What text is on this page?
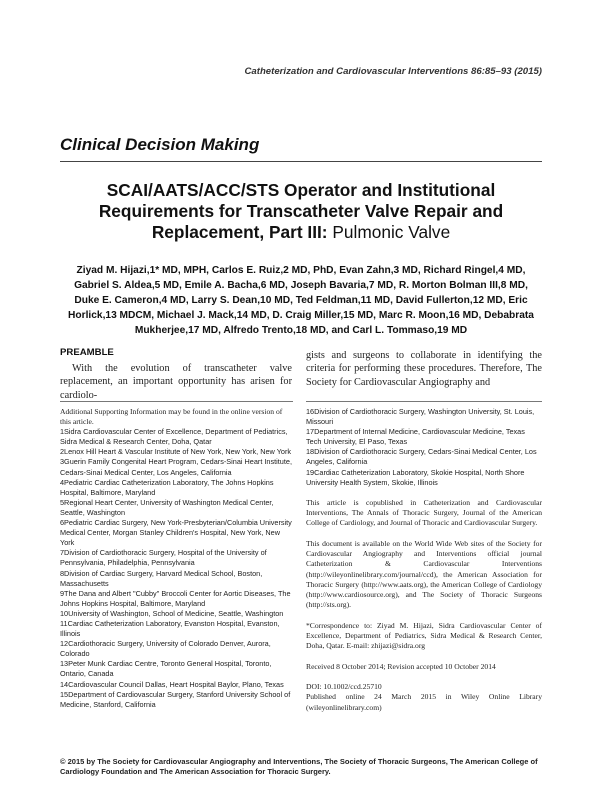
Catheterization and Cardiovascular Interventions 86:85–93 (2015)
Clinical Decision Making
SCAI/AATS/ACC/STS Operator and Institutional Requirements for Transcatheter Valve Repair and Replacement, Part III: Pulmonic Valve
Ziyad M. Hijazi,1* MD, MPH, Carlos E. Ruiz,2 MD, PhD, Evan Zahn,3 MD, Richard Ringel,4 MD, Gabriel S. Aldea,5 MD, Emile A. Bacha,6 MD, Joseph Bavaria,7 MD, R. Morton Bolman III,8 MD, Duke E. Cameron,4 MD, Larry S. Dean,10 MD, Ted Feldman,11 MD, David Fullerton,12 MD, Eric Horlick,13 MDCM, Michael J. Mack,14 MD, D. Craig Miller,15 MD, Marc R. Moon,16 MD, Debabrata Mukherjee,17 MD, Alfredo Trento,18 MD, and Carl L. Tommaso,19 MD
PREAMBLE
With the evolution of transcatheter valve replacement, an important opportunity has arisen for cardiolo-
gists and surgeons to collaborate in identifying the criteria for performing these procedures. Therefore, The Society for Cardiovascular Angiography and

Additional Supporting Information may be found in the online version of this article.

1Sidra Cardiovascular Center of Excellence, Department of Pediatrics, Sidra Medical & Research Center, Doha, Qatar

2Lenox Hill Heart & Vascular Institute of New York, New York, New York

3Guerin Family Congenital Heart Program, Cedars-Sinai Heart Institute, Cedars-Sinai Medical Center, Los Angeles, California

4Pediatric Cardiac Catheterization Laboratory, The Johns Hopkins Hospital, Baltimore, Maryland

5Regional Heart Center, University of Washington Medical Center, Seattle, Washington

6Pediatric Cardiac Surgery, New York-Presbyterian/Columbia University Medical Center, Morgan Stanley Children's Hospital, New York, New York

7Division of Cardiothoracic Surgery, Hospital of the University of Pennsylvania, Philadelphia, Pennsylvania

8Division of Cardiac Surgery, Harvard Medical School, Boston, Massachusetts

9The Dana and Albert "Cubby" Broccoli Center for Aortic Diseases, The Johns Hopkins Hospital, Baltimore, Maryland

10University of Washington, School of Medicine, Seattle, Washington

11Cardiac Catheterization Laboratory, Evanston Hospital, Evanston, Illinois

12Cardiothoracic Surgery, University of Colorado Denver, Aurora, Colorado

13Peter Munk Cardiac Centre, Toronto General Hospital, Toronto, Ontario, Canada

14Cardiovascular Council Dallas, Heart Hospital Baylor, Plano, Texas

15Department of Cardiovascular Surgery, Stanford University School of Medicine, Stanford, California

16Division of Cardiothoracic Surgery, Washington University, St. Louis, Missouri

17Department of Internal Medicine, Cardiovascular Medicine, Texas Tech University, El Paso, Texas

18Division of Cardiothoracic Surgery, Cedars-Sinai Medical Center, Los Angeles, California

19Cardiac Catheterization Laboratory, Skokie Hospital, North Shore University Health System, Skokie, Illinois

This article is copublished in Catheterization and Cardiovascular Interventions, The Annals of Thoracic Surgery, Journal of the American College of Cardiology, and Journal of Thoracic and Cardiovascular Surgery.

This document is available on the World Wide Web sites of the Society for Cardiovascular Angiography and Interventions official journal Catheterization & Cardiovascular Interventions (http://wileyonlinelibrary.com/journal/ccd), the American Association for Thoracic Surgery (http://www.aats.org), the American College of Cardiology (http://www.cardiosource.org), and The Society of Thoracic Surgeons (http://sts.org).

*Correspondence to: Ziyad M. Hijazi, Sidra Cardiovascular Center of Excellence, Department of Pediatrics, Sidra Medical & Research Center, Doha, Qatar. E-mail: zhijazi@sidra.org

Received 8 October 2014; Revision accepted 10 October 2014

DOI: 10.1002/ccd.25710

Published online 24 March 2015 in Wiley Online Library (wileyonlinelibrary.com)

© 2015 by The Society for Cardiovascular Angiography and Interventions, The Society of Thoracic Surgeons, The American College of Cardiology Foundation and The American Association for Thoracic Surgery.
